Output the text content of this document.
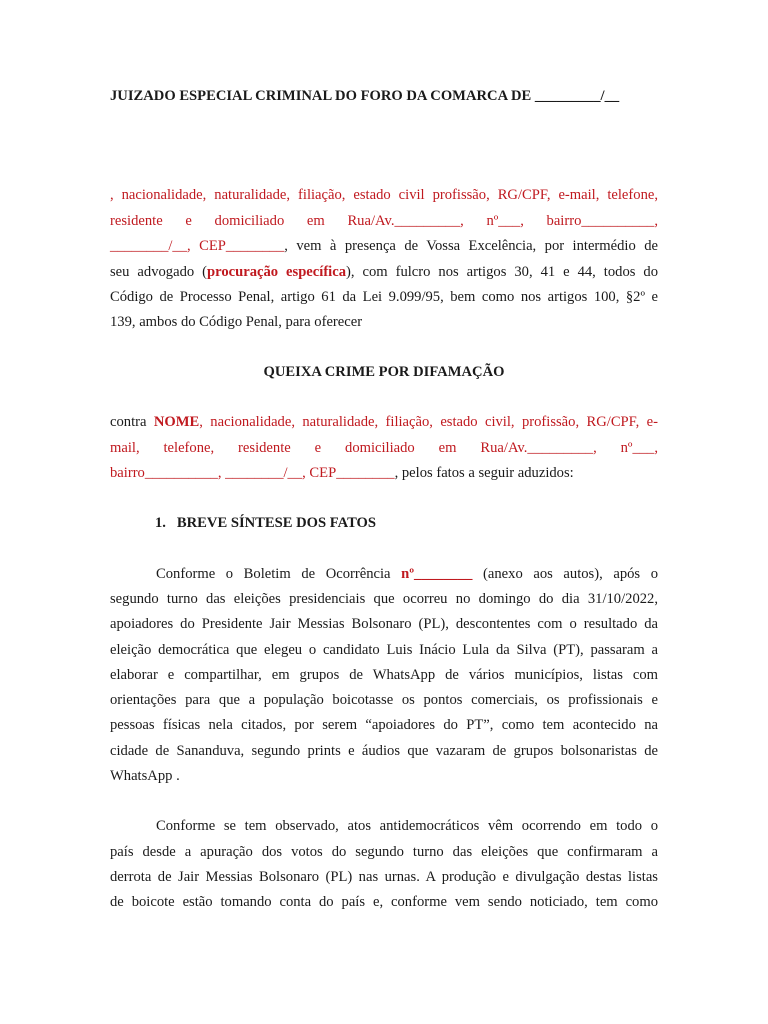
JUIZADO ESPECIAL CRIMINAL DO FORO DA COMARCA DE _________/__
, nacionalidade, naturalidade, filiação, estado civil profissão, RG/CPF, e-mail, telefone,
residente e domiciliado em Rua/Av._________, nº___, bairro__________,
________/__, CEP________, vem à presença de Vossa Excelência, por intermédio de
seu advogado (procuração específica), com fulcro nos artigos 30, 41 e 44, todos do
Código de Processo Penal, artigo 61 da Lei 9.099/95, bem como nos artigos 100, §2º e
139, ambos do Código Penal, para oferecer
QUEIXA CRIME POR DIFAMAÇÃO
contra NOME, nacionalidade, naturalidade, filiação, estado civil, profissão, RG/CPF, e-
mail, telefone, residente e domiciliado em Rua/Av._________, nº___,
bairro__________, ________/__, CEP________, pelos fatos a seguir aduzidos:
1. BREVE SÍNTESE DOS FATOS
Conforme o Boletim de Ocorrência nº________ (anexo aos autos), após o
segundo turno das eleições presidenciais que ocorreu no domingo do dia 31/10/2022,
apoiadores do Presidente Jair Messias Bolsonaro (PL), descontentes com o resultado da
eleição democrática que elegeu o candidato Luis Inácio Lula da Silva (PT), passaram a
elaborar e compartilhar, em grupos de WhatsApp de vários municípios, listas com
orientações para que a população boicotasse os pontos comerciais, os profissionais e
pessoas físicas nela citados, por serem “apoiadores do PT”, como tem acontecido na
cidade de Sananduva, segundo prints e áudios que vazaram de grupos bolsonaristas de
WhatsApp .
Conforme se tem observado, atos antidemocráticos vêm ocorrendo em todo o
país desde a apuração dos votos do segundo turno das eleições que confirmaram a
derrota de Jair Messias Bolsonaro (PL) nas urnas. A produção e divulgação destas listas
de boicote estão tomando conta do país e, conforme vem sendo noticiado, tem como
